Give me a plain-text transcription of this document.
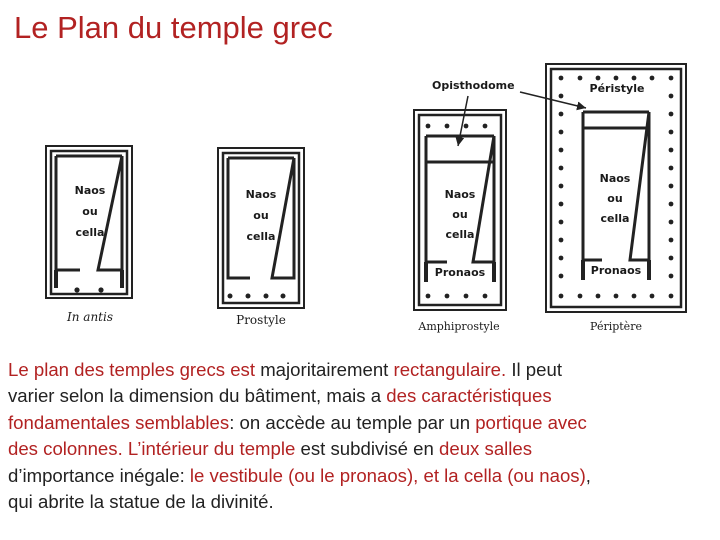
Le Plan du temple grec
Naos
ou
cella
In antis
Naos
ou
cella
Prostyle
Naos
ou
cella
Pronaos
Amphiprostyle
Naos
ou
cella
Pronaos
Périptère
Opisthodome	Péristyle
Le plan des temples grecs est majoritairement rectangulaire. Il peut
varier selon la dimension du bâtiment, mais a des caractéristiques
fondamentales semblables: on accède au temple par un portique avec
des colonnes. L’intérieur du temple est subdivisé en deux salles
d’importance inégale: le vestibule (ou le pronaos), et la cella (ou naos),
qui abrite la statue de la divinité.
